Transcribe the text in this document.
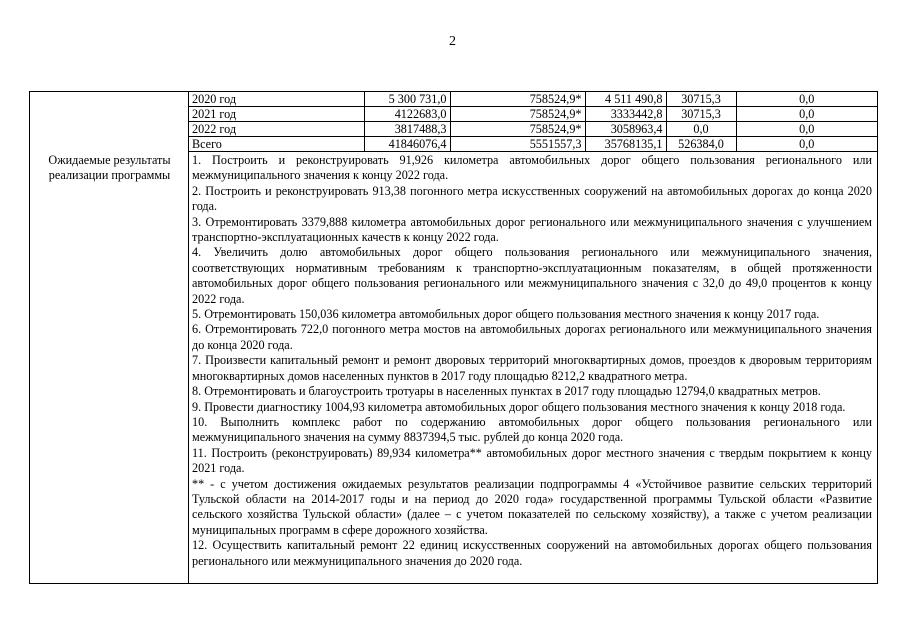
2
Ожидаемые результаты реализации программы
2020 год	5 300 731,0	758524,9*	4 511 490,8	30715,3	0,0
2021 год	4122683,0	758524,9*	3333442,8	30715,3	0,0
2022 год	3817488,3	758524,9*	3058963,4	0,0	0,0
Всего	41846076,4	5551557,3	35768135,1	526384,0	0,0

1. Построить и реконструировать 91,926 километра автомобильных дорог общего пользования регионального или межмуниципального значения к концу 2022 года.

2. Построить и реконструировать 913,38 погонного метра искусственных сооружений на автомобильных дорогах до конца 2020 года.

3. Отремонтировать 3379,888 километра автомобильных дорог регионального или межмуниципального значения с улучшением транспортно-эксплуатационных качеств к концу 2022 года.

4. Увеличить долю автомобильных дорог общего пользования регионального или межмуниципального значения, соответствующих нормативным требованиям к транспортно-эксплуатационным показателям, в общей протяженности автомобильных дорог общего пользования регионального или межмуниципального значения с 32,0 до 49,0 процентов к концу 2022 года.

5. Отремонтировать 150,036 километра автомобильных дорог общего пользования местного значения к концу 2017 года.

6. Отремонтировать 722,0 погонного метра мостов на автомобильных дорогах регионального или межмуниципального значения до конца 2020 года.

7. Произвести капитальный ремонт и ремонт дворовых территорий многоквартирных домов, проездов к дворовым территориям многоквартирных домов населенных пунктов в 2017 году площадью 8212,2 квадратного метра.

8. Отремонтировать и благоустроить тротуары в населенных пунктах в 2017 году площадью 12794,0 квадратных метров.

9. Провести диагностику 1004,93 километра автомобильных дорог общего пользования местного значения к концу 2018 года.

10. Выполнить комплекс работ по содержанию автомобильных дорог общего пользования регионального или межмуниципального значения на сумму 8837394,5 тыс. рублей до конца 2020 года.

11. Построить (реконструировать) 89,934 километра** автомобильных дорог местного значения с твердым покрытием к концу 2021 года.

** - с учетом достижения ожидаемых результатов реализации подпрограммы 4 «Устойчивое развитие сельских территорий Тульской области на 2014-2017 годы и на период до 2020 года» государственной программы Тульской области «Развитие сельского хозяйства Тульской области» (далее – с учетом показателей по сельскому хозяйству), а также с учетом реализации муниципальных программ в сфере дорожного хозяйства.

12. Осуществить капитальный ремонт 22 единиц искусственных сооружений на автомобильных дорогах общего пользования регионального или межмуниципального значения до 2020 года.
